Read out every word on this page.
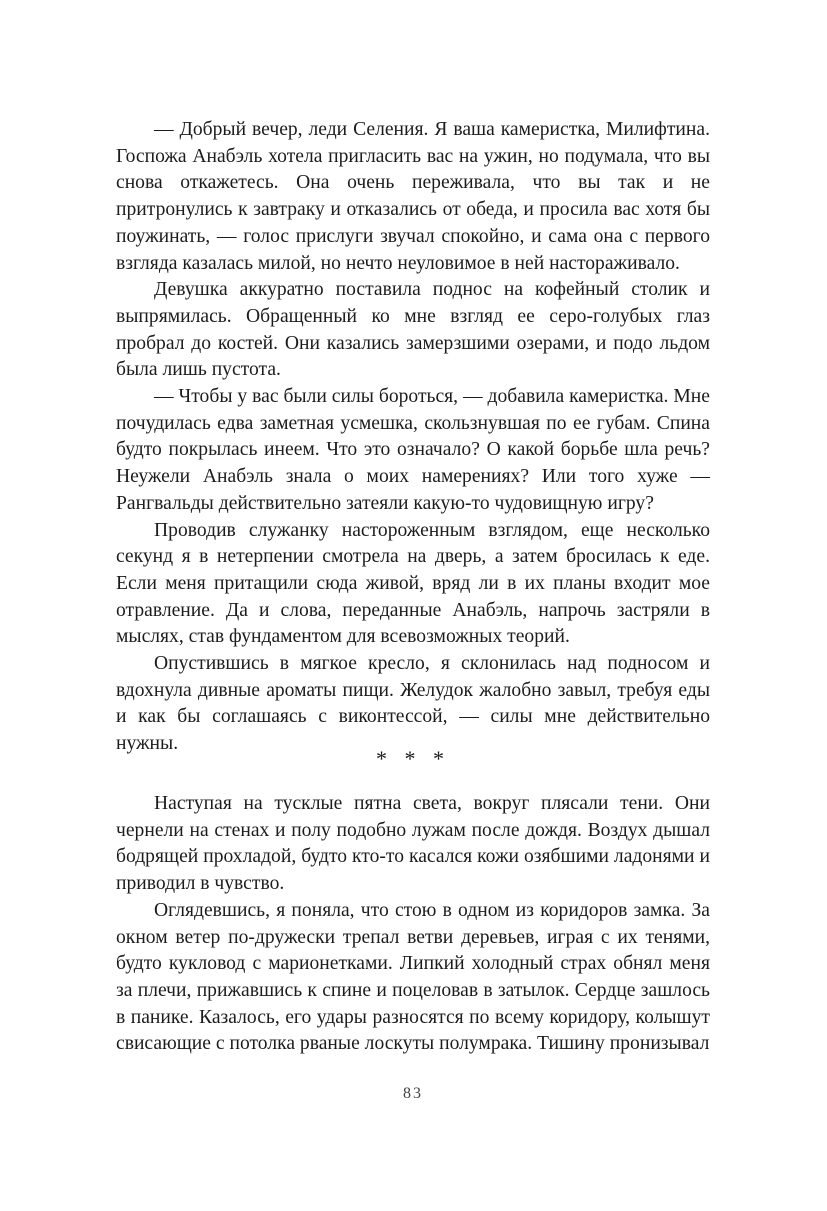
— Добрый вечер, леди Селения. Я ваша камеристка, Милифтина. Госпожа Анабэль хотела пригласить вас на ужин, но подумала, что вы снова откажетесь. Она очень переживала, что вы так и не притронулись к завтраку и отказались от обеда, и просила вас хотя бы поужинать, — голос прислуги звучал спокойно, и сама она с первого взгляда казалась милой, но нечто неуловимое в ней настораживало.

Девушка аккуратно поставила поднос на кофейный столик и выпрямилась. Обращенный ко мне взгляд ее серо-голубых глаз пробрал до костей. Они казались замерзшими озерами, и подо льдом была лишь пустота.

— Чтобы у вас были силы бороться, — добавила камеристка. Мне почудилась едва заметная усмешка, скользнувшая по ее губам. Спина будто покрылась инеем. Что это означало? О какой борьбе шла речь? Неужели Анабэль знала о моих намерениях? Или того хуже — Рангвальды действительно затеяли какую-то чудовищную игру?

Проводив служанку настороженным взглядом, еще несколько секунд я в нетерпении смотрела на дверь, а затем бросилась к еде. Если меня притащили сюда живой, вряд ли в их планы входит мое отравление. Да и слова, переданные Анабэль, напрочь застряли в мыслях, став фундаментом для всевозможных теорий.

Опустившись в мягкое кресло, я склонилась над подносом и вдохнула дивные ароматы пищи. Желудок жалобно завыл, требуя еды и как бы соглашаясь с виконтессой, — силы мне действительно нужны.

* * *

Наступая на тусклые пятна света, вокруг плясали тени. Они чернели на стенах и полу подобно лужам после дождя. Воздух дышал бодрящей прохладой, будто кто-то касался кожи озябшими ладонями и приводил в чувство.

Оглядевшись, я поняла, что стою в одном из коридоров замка. За окном ветер по-дружески трепал ветви деревьев, играя с их тенями, будто кукловод с марионетками. Липкий холодный страх обнял меня за плечи, прижавшись к спине и поцеловав в затылок. Сердце зашлось в панике. Казалось, его удары разносятся по всему коридору, колышут свисающие с потолка рваные лоскуты полумрака. Тишину пронизывал

83
